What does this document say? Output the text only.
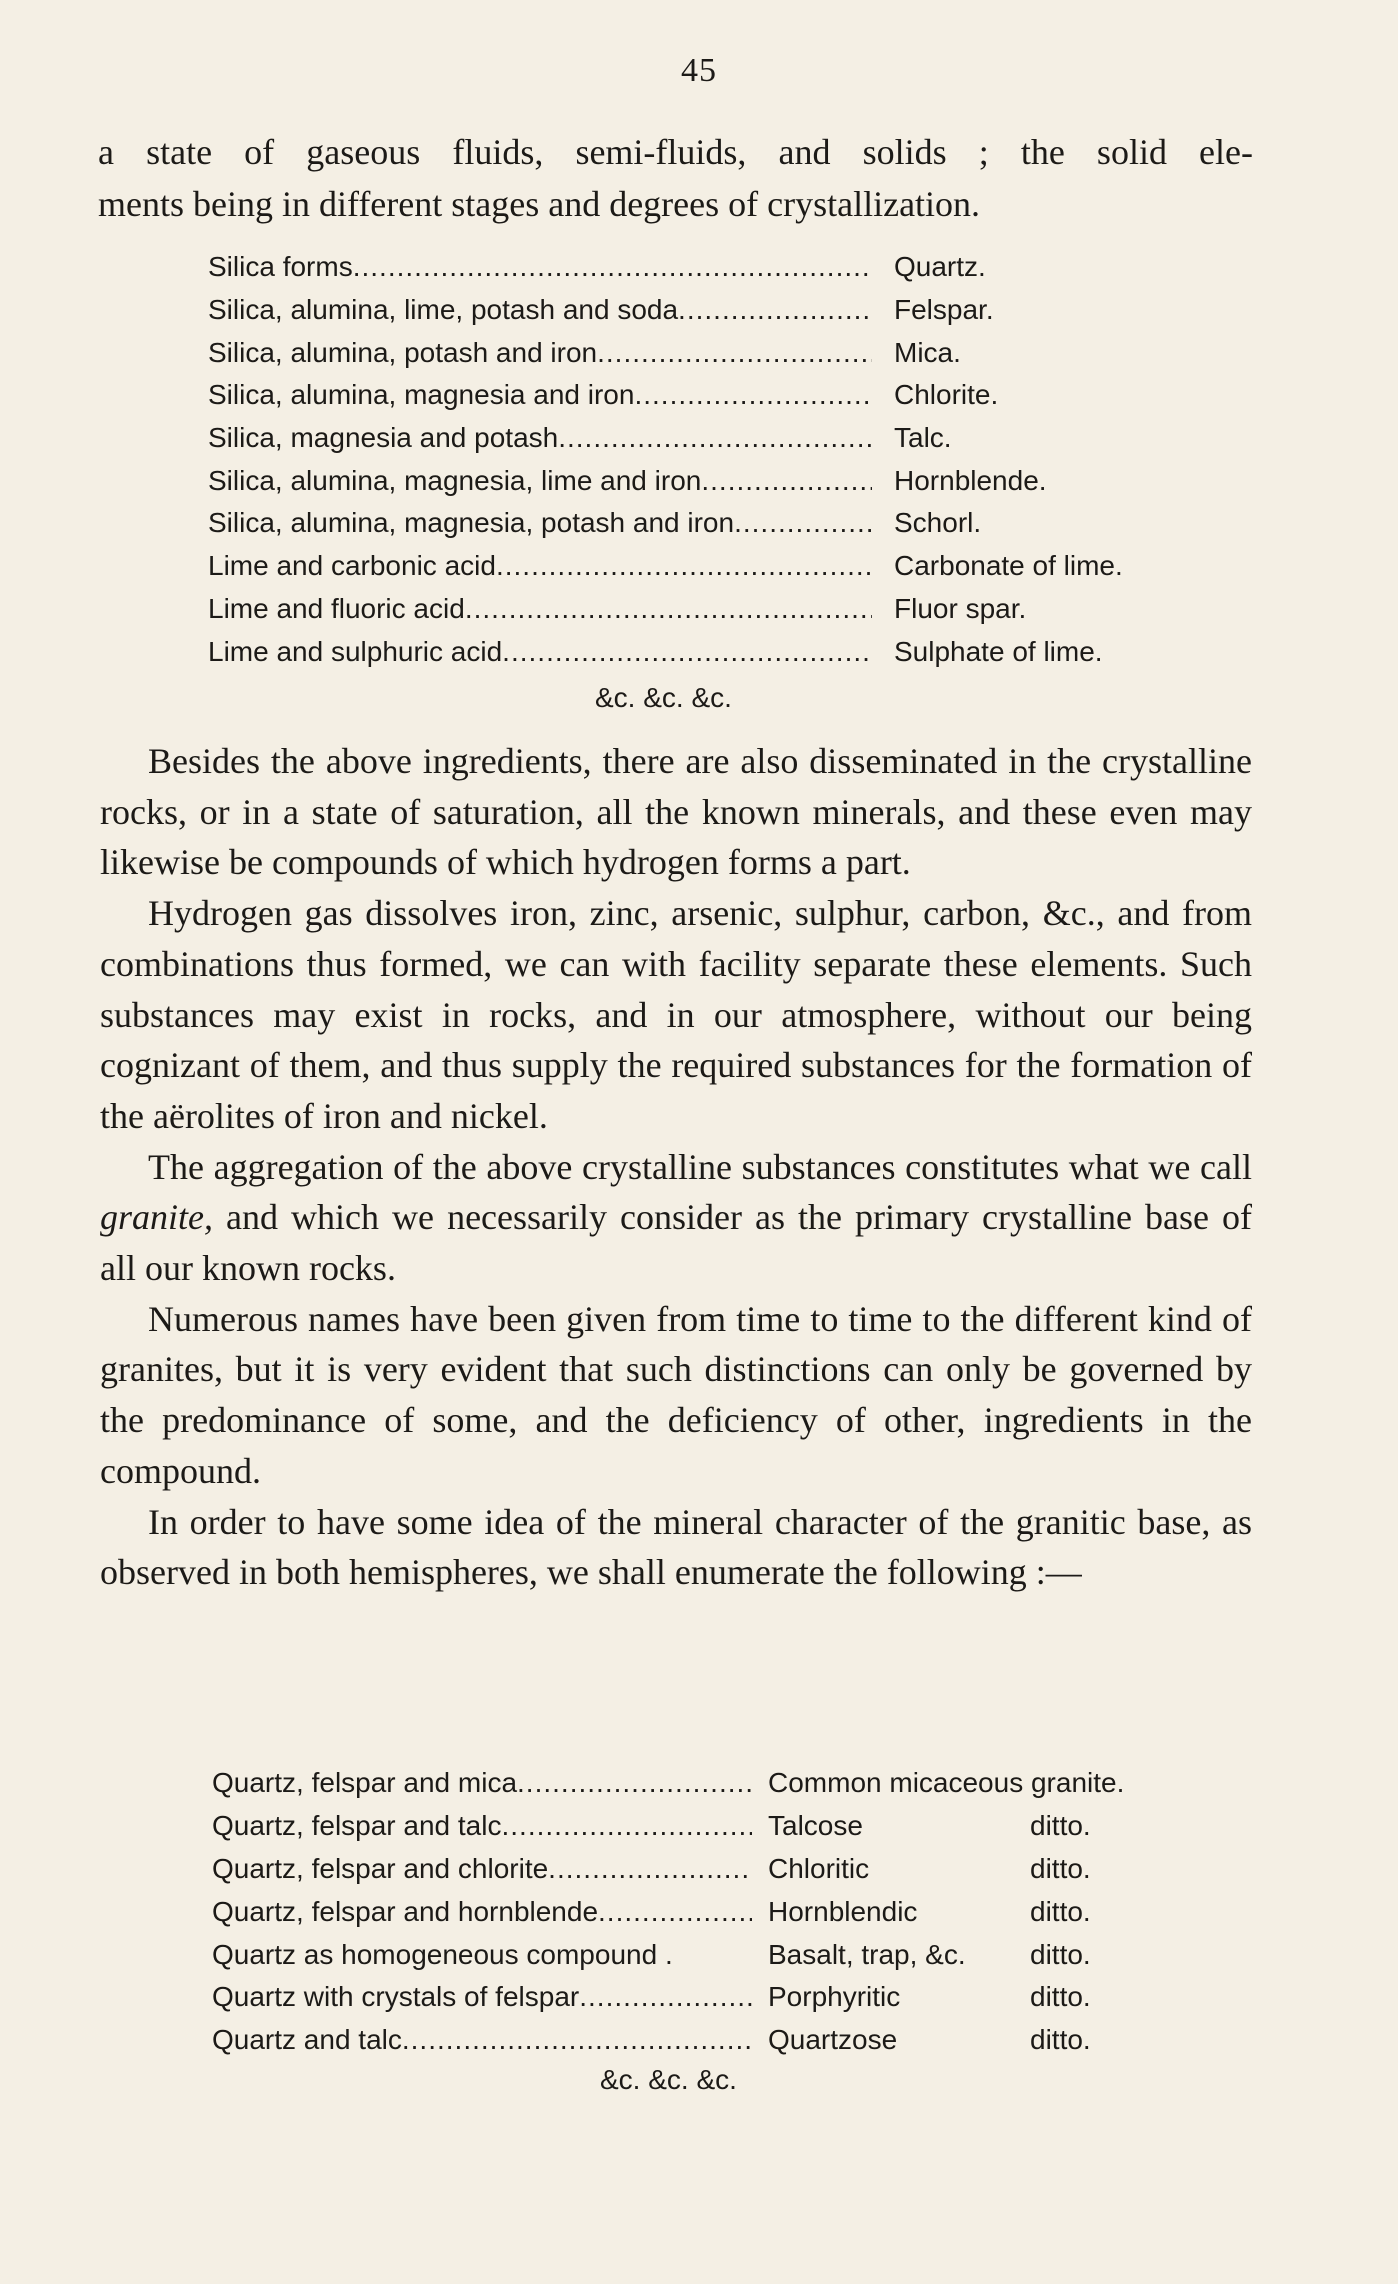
45

a state of gaseous fluids, semi-fluids, and solids ; the solid ele-

ments being in different stages and degrees of crystallization.

Silica forms .....	Quartz.
Silica, alumina, lime, potash and soda .....	Felspar.
Silica, alumina, potash and iron .....	Mica.
Silica, alumina, magnesia and iron .....	Chlorite.
Silica, magnesia and potash .....	Talc.
Silica, alumina, magnesia, lime and iron .....	Hornblende.
Silica, alumina, magnesia, potash and iron .....	Schorl.
Lime and carbonic acid .....	Carbonate of lime.
Lime and fluoric acid .....	Fluor spar.
Lime and sulphuric acid .....	Sulphate of lime.
&c. &c. &c.

Besides the above ingredients, there are also disseminated in the crystalline rocks, or in a state of saturation, all the known minerals, and these even may likewise be compounds of which hydrogen forms a part.

Hydrogen gas dissolves iron, zinc, arsenic, sulphur, carbon, &c., and from combinations thus formed, we can with facility separate these elements. Such substances may exist in rocks, and in our atmosphere, without our being cognizant of them, and thus supply the required substances for the formation of the aërolites of iron and nickel.

The aggregation of the above crystalline substances constitutes what we call granite, and which we necessarily consider as the primary crystalline base of all our known rocks.

Numerous names have been given from time to time to the different kind of granites, but it is very evident that such distinctions can only be governed by the predominance of some, and the deficiency of other, ingredients in the compound.

In order to have some idea of the mineral character of the granitic base, as observed in both hemispheres, we shall enumerate the following :—

Quartz, felspar and mica .....	Common micaceous granite.
Quartz, felspar and talc .....	Talcose	ditto.
Quartz, felspar and chlorite .....	Chloritic	ditto.
Quartz, felspar and hornblende .....	Hornblendic	ditto.
Quartz as homogeneous compound .	Basalt, trap, &c.	ditto.
Quartz with crystals of felspar .....	Porphyritic	ditto.
Quartz and talc .....	Quartzose	ditto.
&c. &c. &c.
